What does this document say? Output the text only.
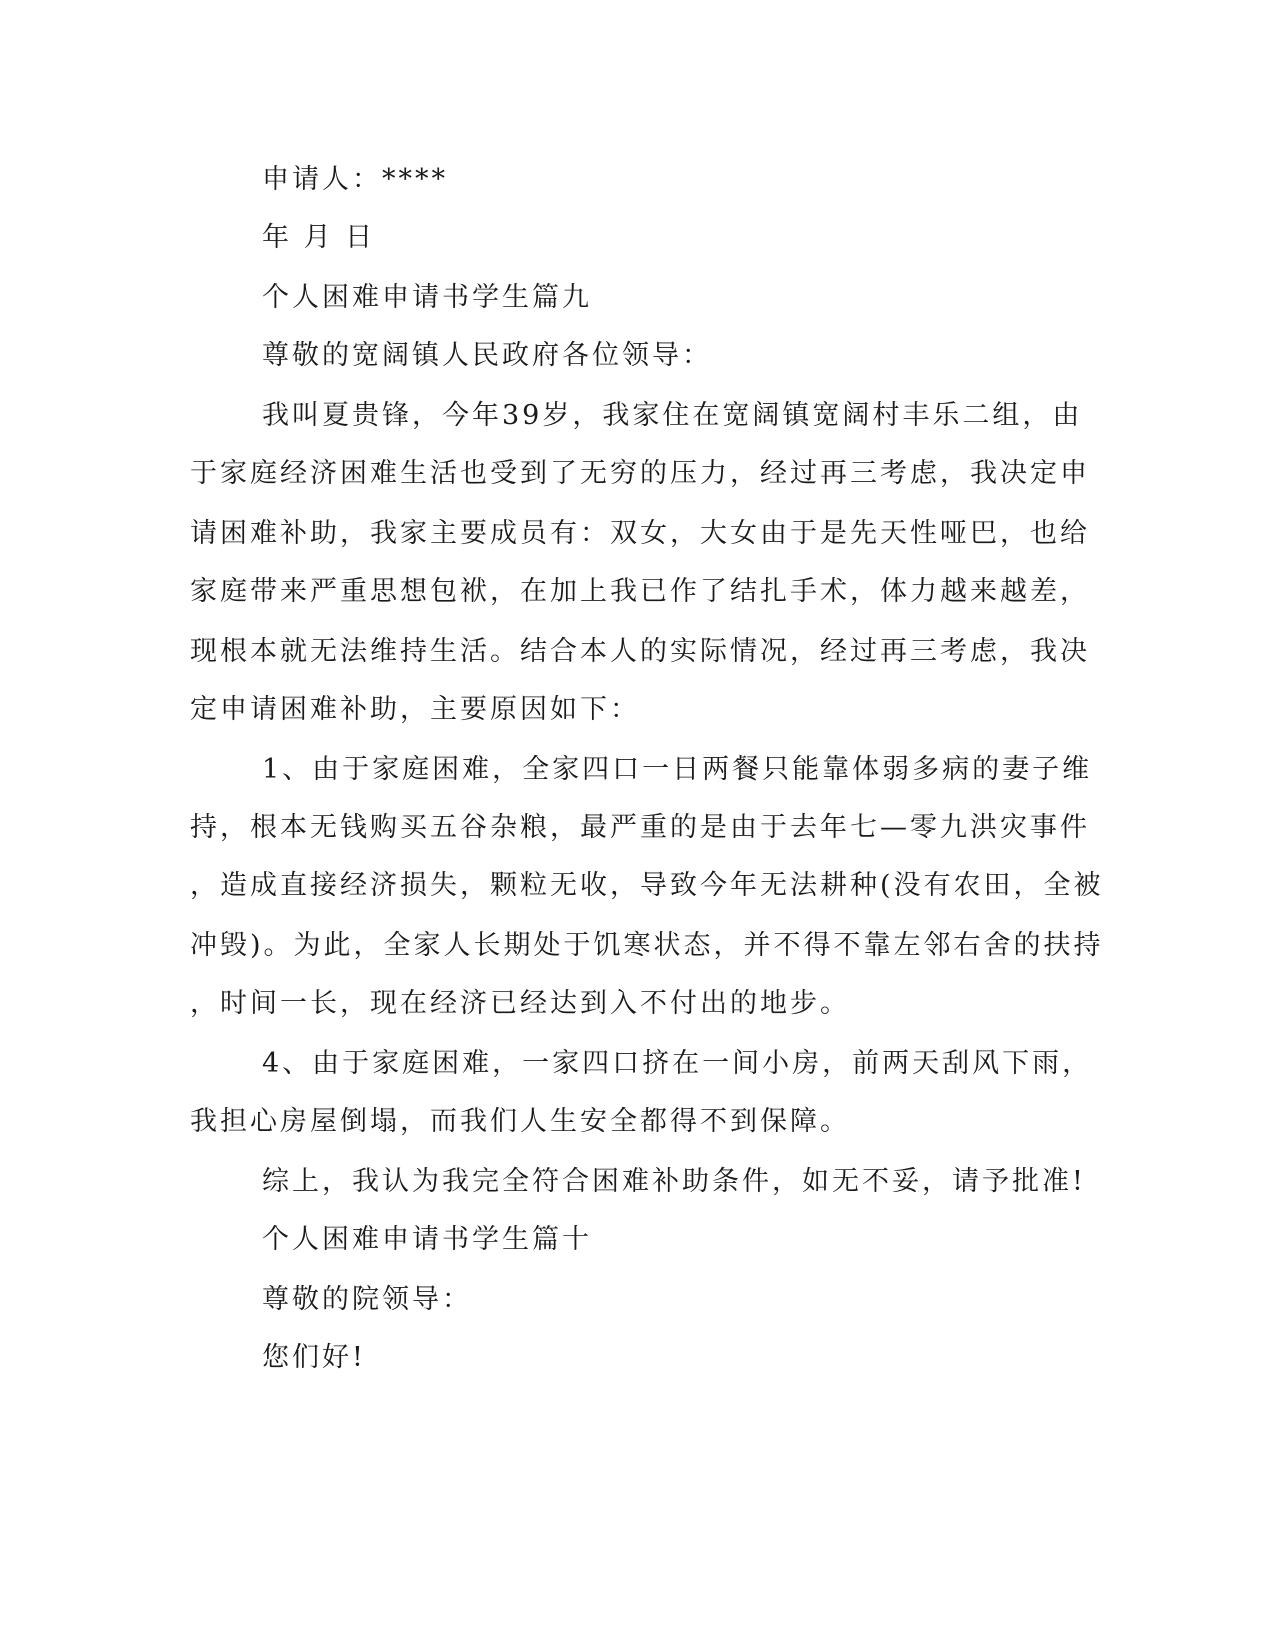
申请人：****
年 月 日
个人困难申请书学生篇九
尊敬的宽阔镇人民政府各位领导：
我叫夏贵锋，今年39岁，我家住在宽阔镇宽阔村丰乐二组，由
于家庭经济困难生活也受到了无穷的压力，经过再三考虑，我决定申
请困难补助，我家主要成员有：双女，大女由于是先天性哑巴，也给
家庭带来严重思想包袱，在加上我已作了结扎手术，体力越来越差，
现根本就无法维持生活。结合本人的实际情况，经过再三考虑，我决
定申请困难补助，主要原因如下：
1、由于家庭困难，全家四口一日两餐只能靠体弱多病的妻子维
持，根本无钱购买五谷杂粮，最严重的是由于去年七—零九洪灾事件
，造成直接经济损失，颗粒无收，导致今年无法耕种(没有农田，全被
冲毁)。为此，全家人长期处于饥寒状态，并不得不靠左邻右舍的扶持
，时间一长，现在经济已经达到入不付出的地步。
4、由于家庭困难，一家四口挤在一间小房，前两天刮风下雨，
我担心房屋倒塌，而我们人生安全都得不到保障。
综上，我认为我完全符合困难补助条件，如无不妥，请予批准!
个人困难申请书学生篇十
尊敬的院领导：
您们好!
